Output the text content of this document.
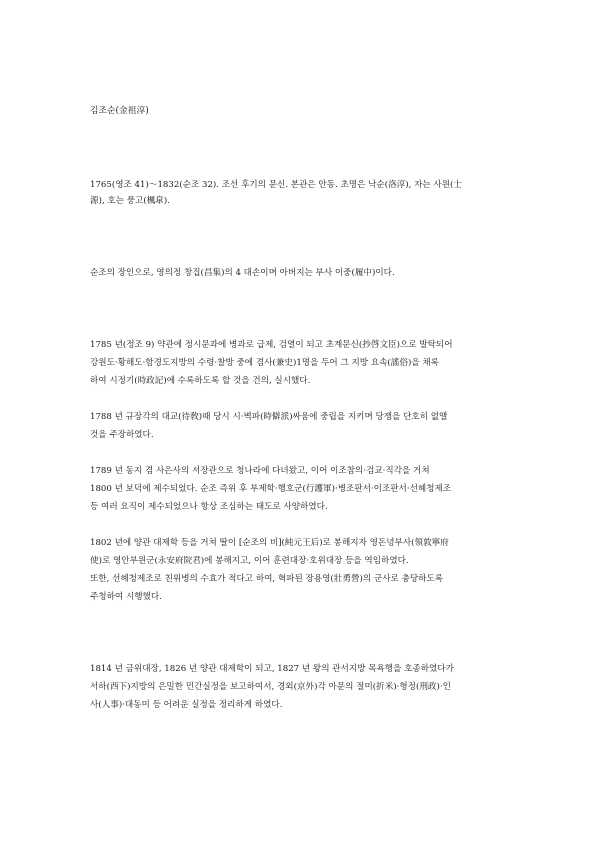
김조순(金祖淳)

1765(영조 41)～1832(순조 32). 조선 후기의 문신. 본관은 안동. 초명은 낙순(洛淳), 자는 사원(士

源), 호는 풍고(楓皐).

순조의 장인으로, 영의정 창집(昌集)의 4 대손이며 아버지는 부사 이중(履中)이다.

1785 년(정조 9) 약관에 정시문과에 병과로 급제, 검열이 되고 초계문신(抄啓文臣)으로 발탁되어

강원도·황해도·함경도지방의 수령·찰방 중에 겸사(兼史)1명을 두어 그 지방 요속(謠俗)을 채록

하여 시정기(時政記)에 수록하도록 할 것을 건의, 실시했다.

1788 년 규장각의 대교(待敎)때 당시 시·벽파(時僻派)싸움에 중립을 지키며 당쟁을 단호히 없앨

것을 주장하였다.

1789 년 동지 겸 사은사의 서장관으로 청나라에 다녀왔고, 이어 이조참의·검교·직각을 거쳐

1800 년 보덕에 제수되었다. 순조 즉위 후 부제학·행호군(行護軍)·병조판서·이조판서·선혜청제조

등 여러 요직이 제수되었으나 항상 조심하는 태도로 사양하였다.

1802 년에 양관 대제학 등을 거쳐 딸이 [순조의 비](純元王后)로 봉해지자 영돈녕부사(領敦寧府

使)로 영안부원군(永安府院君)에 봉해지고, 이어 훈련대장·호위대장 등을 역임하였다.

또한, 선혜청제조로 친위병의 수효가 적다고 하여, 혁파된 장용영(壯勇營)의 군사로 충당하도록

주청하여 시행했다.

1814 년 금위대장, 1826 년 양관 대제학이 되고, 1827 년 왕의 관서지방 목욕행을 호종하였다가

서하(西下)지방의 은밀한 민간실정을 보고하여서, 경외(京外)각 아문의 절미(折米)·형정(刑政)·인

사(人事)·대동미 등 어려운 실정을 정리하게 하였다.
